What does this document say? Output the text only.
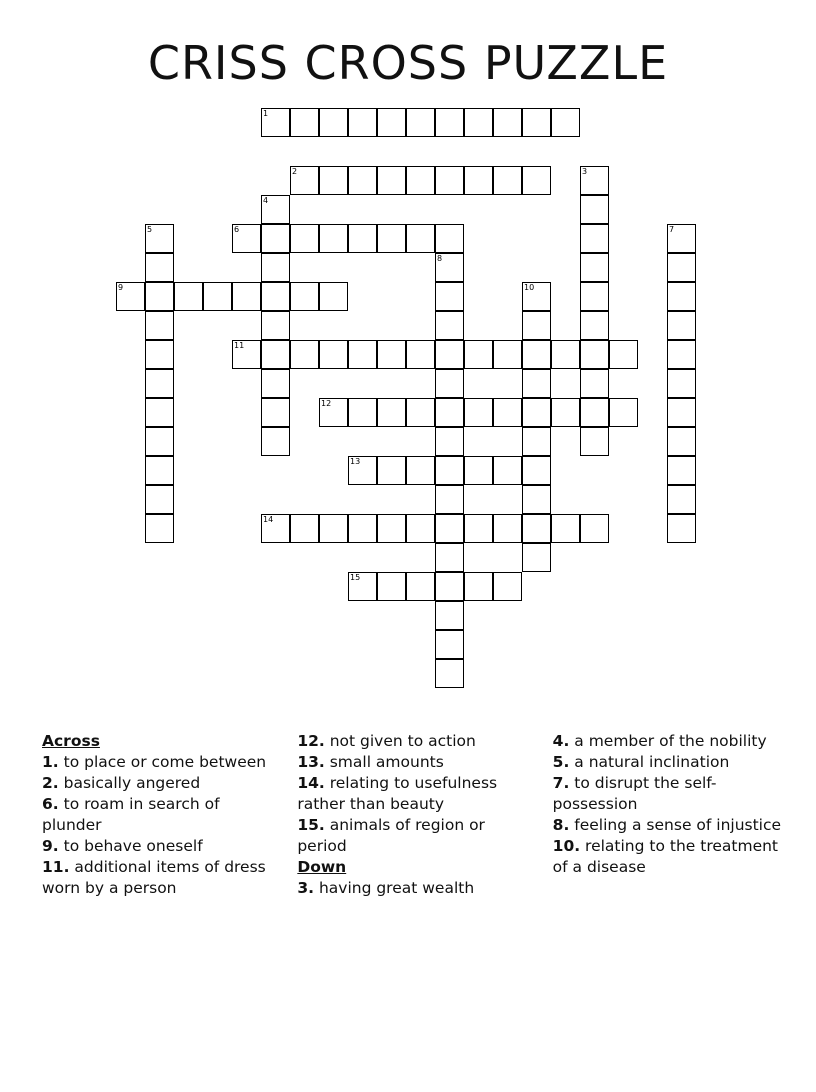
CRISS CROSS PUZZLE
1
2	3
4
5	6	7
8
9	10
11
12
13
14
15
Across
1. to place or come between
2. basically angered
6. to roam in search of plunder
9. to behave oneself
11. additional items of dress worn by a person
12. not given to action
13. small amounts
14. relating to usefulness rather than beauty
15. animals of region or period
Down
3. having great wealth
4. a member of the nobility
5. a natural inclination
7. to disrupt the self-possession
8. feeling a sense of injustice
10. relating to the treatment of a disease
